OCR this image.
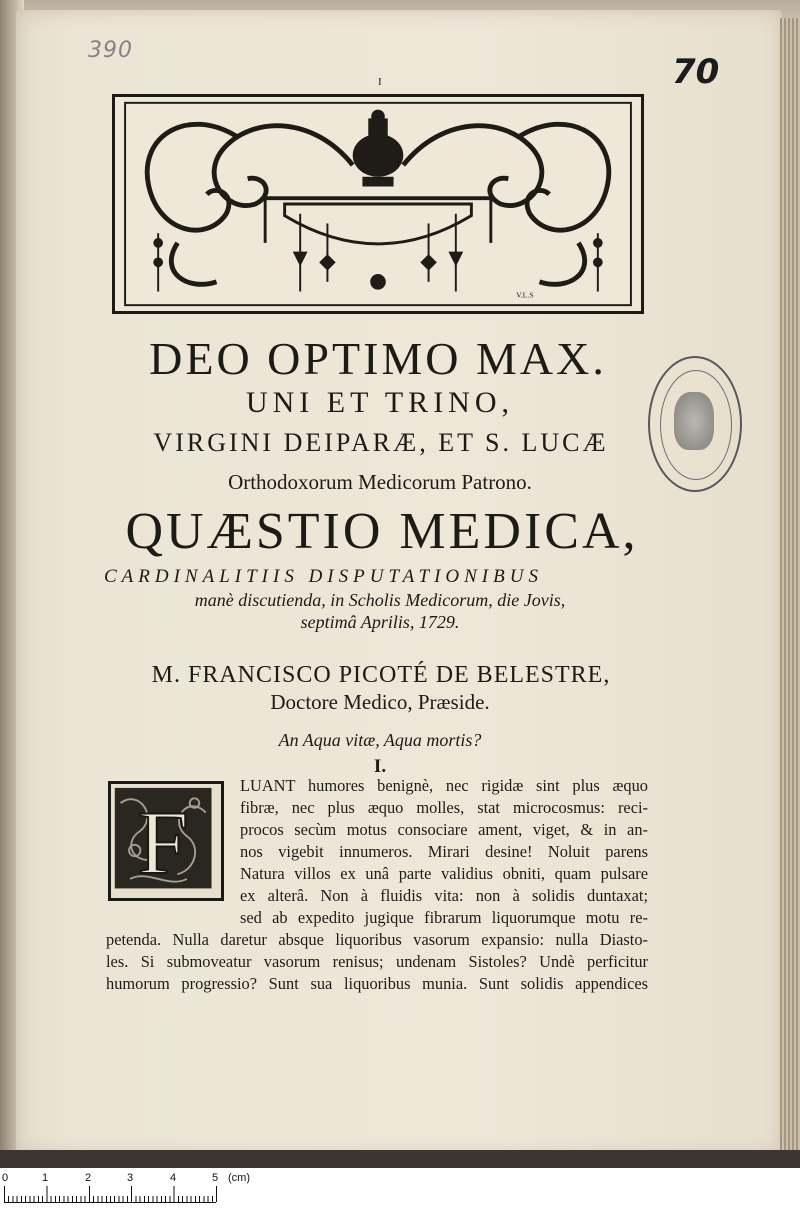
390
70
I
V.L.S
DEO OPTIMO MAX.
UNI ET TRINO,
VIRGINI DEIPARÆ, ET S. LUCÆ
Orthodoxorum Medicorum Patrono.
QUÆSTIO MEDICA,
CARDINALITIIS DISPUTATIONIBUS
manè discutienda, in Scholis Medicorum, die Jovis,
septimâ Aprilis, 1729.
M. FRANCISCO PICOTÉ DE BELESTRE,
Doctore Medico, Præside.
An Aqua vitæ, Aqua mortis?
I.
F
LUANT humores benignè, nec rigidæ sint plus æquo
fibræ, nec plus æquo molles, stat microcosmus: reci-
procos secùm motus consociare ament, viget, & in an-
nos vigebit innumeros. Mirari desine! Noluit parens
Natura villos ex unâ parte validius obniti, quam pulsare
ex alterâ. Non à fluidis vita: non à solidis duntaxat;
sed ab expedito jugique fibrarum liquorumque motu re-
petenda. Nulla daretur absque liquoribus vasorum expansio: nulla Diasto-
les. Si submoveatur vasorum renisus; undenam Sistoles? Undè perficitur
humorum progressio? Sunt sua liquoribus munia. Sunt solidis appendices
0	1	2	3	4	5 (cm)
